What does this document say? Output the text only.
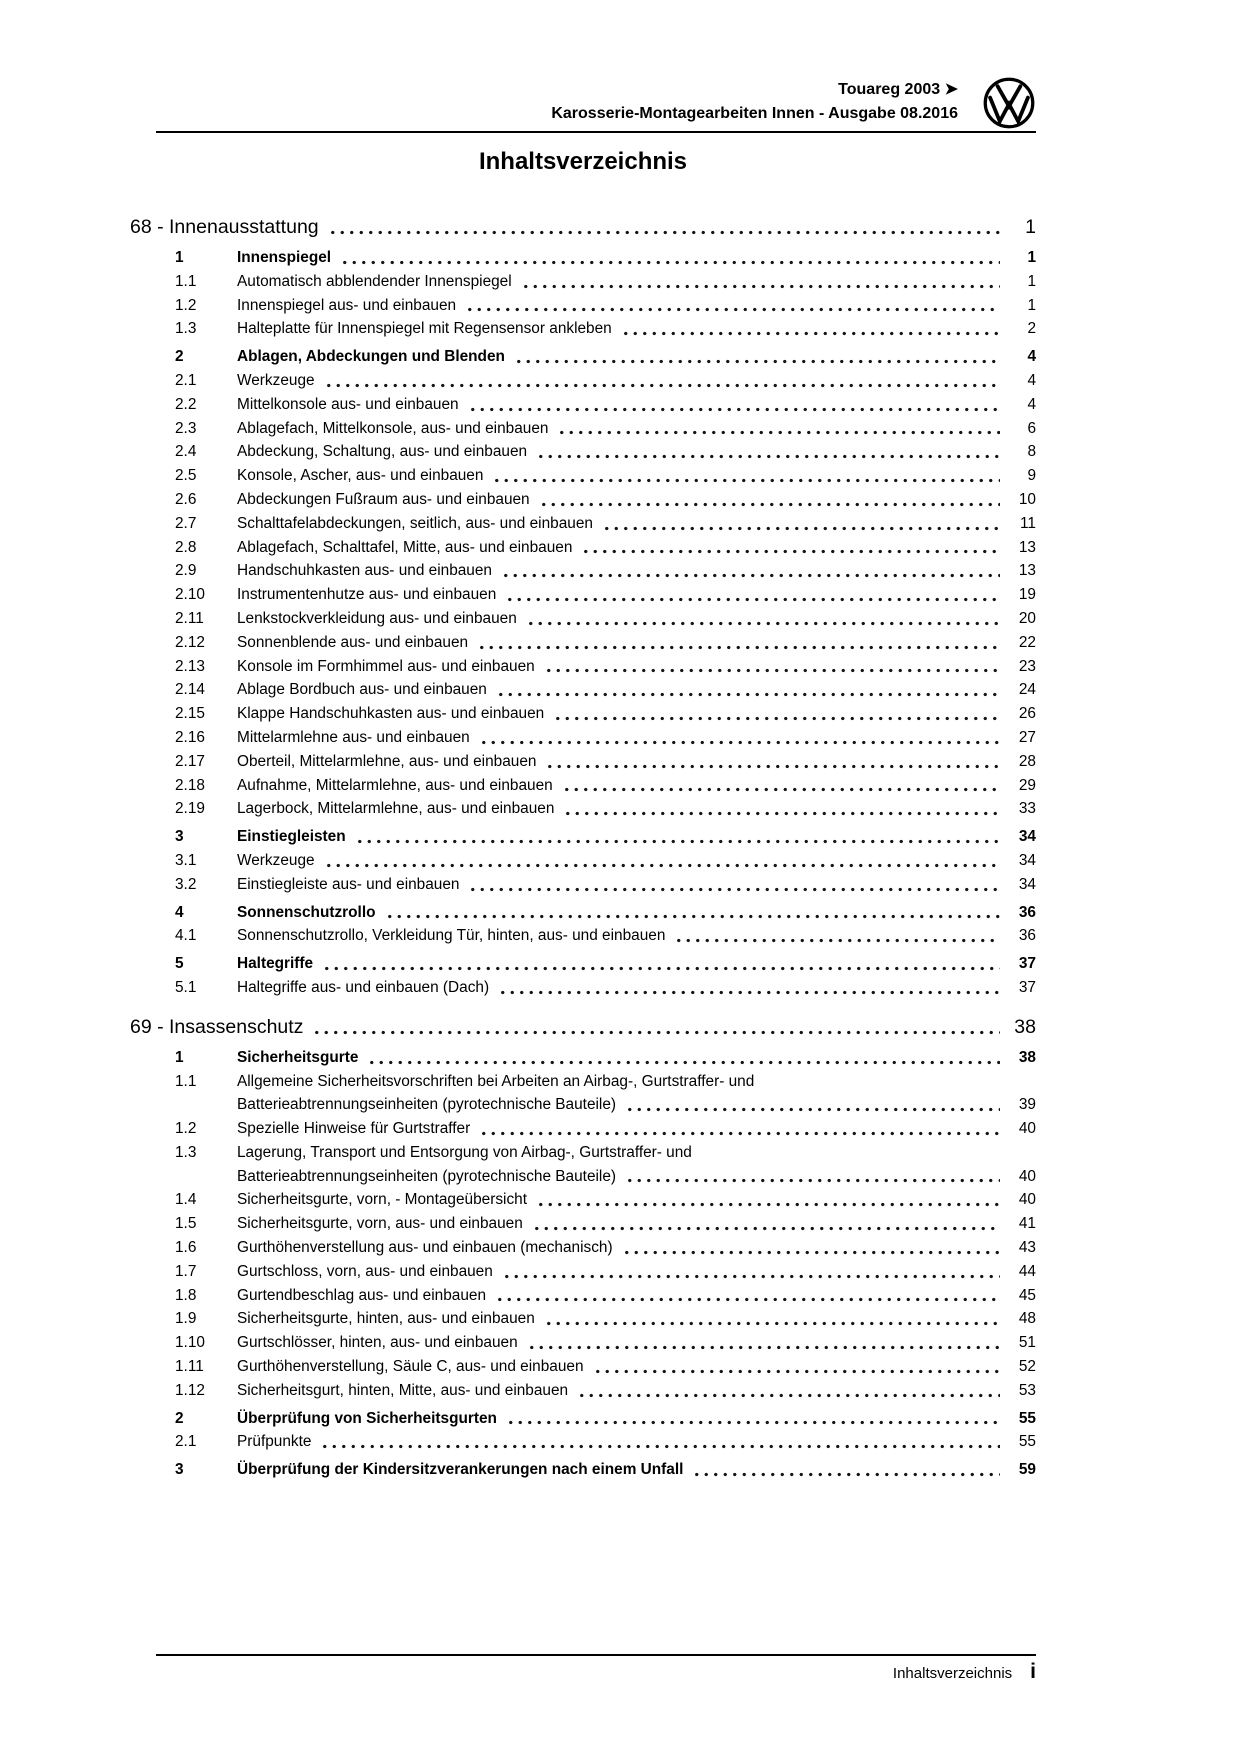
Touareg 2003 ➤
Karosserie-Montagearbeiten Innen - Ausgabe 08.2016
Inhaltsverzeichnis
68 - Innenausstattung	1
1	Innenspiegel	1
1.1	Automatisch abblendender Innenspiegel	1
1.2	Innenspiegel aus- und einbauen	1
1.3	Halteplatte für Innenspiegel mit Regensensor ankleben	2
2	Ablagen, Abdeckungen und Blenden	4
2.1	Werkzeuge	4
2.2	Mittelkonsole aus- und einbauen	4
2.3	Ablagefach, Mittelkonsole, aus- und einbauen	6
2.4	Abdeckung, Schaltung, aus- und einbauen	8
2.5	Konsole, Ascher, aus- und einbauen	9
2.6	Abdeckungen Fußraum aus- und einbauen	10
2.7	Schalttafelabdeckungen, seitlich, aus- und einbauen	11
2.8	Ablagefach, Schalttafel, Mitte, aus- und einbauen	13
2.9	Handschuhkasten aus- und einbauen	13
2.10	Instrumentenhutze aus- und einbauen	19
2.11	Lenkstockverkleidung aus- und einbauen	20
2.12	Sonnenblende aus- und einbauen	22
2.13	Konsole im Formhimmel aus- und einbauen	23
2.14	Ablage Bordbuch aus- und einbauen	24
2.15	Klappe Handschuhkasten aus- und einbauen	26
2.16	Mittelarmlehne aus- und einbauen	27
2.17	Oberteil, Mittelarmlehne, aus- und einbauen	28
2.18	Aufnahme, Mittelarmlehne, aus- und einbauen	29
2.19	Lagerbock, Mittelarmlehne, aus- und einbauen	33
3	Einstiegleisten	34
3.1	Werkzeuge	34
3.2	Einstiegleiste aus- und einbauen	34
4	Sonnenschutzrollo	36
4.1	Sonnenschutzrollo, Verkleidung Tür, hinten, aus- und einbauen	36
5	Haltegriffe	37
5.1	Haltegriffe aus- und einbauen (Dach)	37
69 - Insassenschutz	38
1	Sicherheitsgurte	38
1.1	Allgemeine Sicherheitsvorschriften bei Arbeiten an Airbag-, Gurtstraffer- und
Batterieabtrennungseinheiten (pyrotechnische Bauteile)	39
1.2	Spezielle Hinweise für Gurtstraffer	40
1.3	Lagerung, Transport und Entsorgung von Airbag-, Gurtstraffer- und
Batterieabtrennungseinheiten (pyrotechnische Bauteile)	40
1.4	Sicherheitsgurte, vorn, - Montageübersicht	40
1.5	Sicherheitsgurte, vorn, aus- und einbauen	41
1.6	Gurthöhenverstellung aus- und einbauen (mechanisch)	43
1.7	Gurtschloss, vorn, aus- und einbauen	44
1.8	Gurtendbeschlag aus- und einbauen	45
1.9	Sicherheitsgurte, hinten, aus- und einbauen	48
1.10	Gurtschlösser, hinten, aus- und einbauen	51
1.11	Gurthöhenverstellung, Säule C, aus- und einbauen	52
1.12	Sicherheitsgurt, hinten, Mitte, aus- und einbauen	53
2	Überprüfung von Sicherheitsgurten	55
2.1	Prüfpunkte	55
3	Überprüfung der Kindersitzverankerungen nach einem Unfall	59
Inhaltsverzeichnis i
